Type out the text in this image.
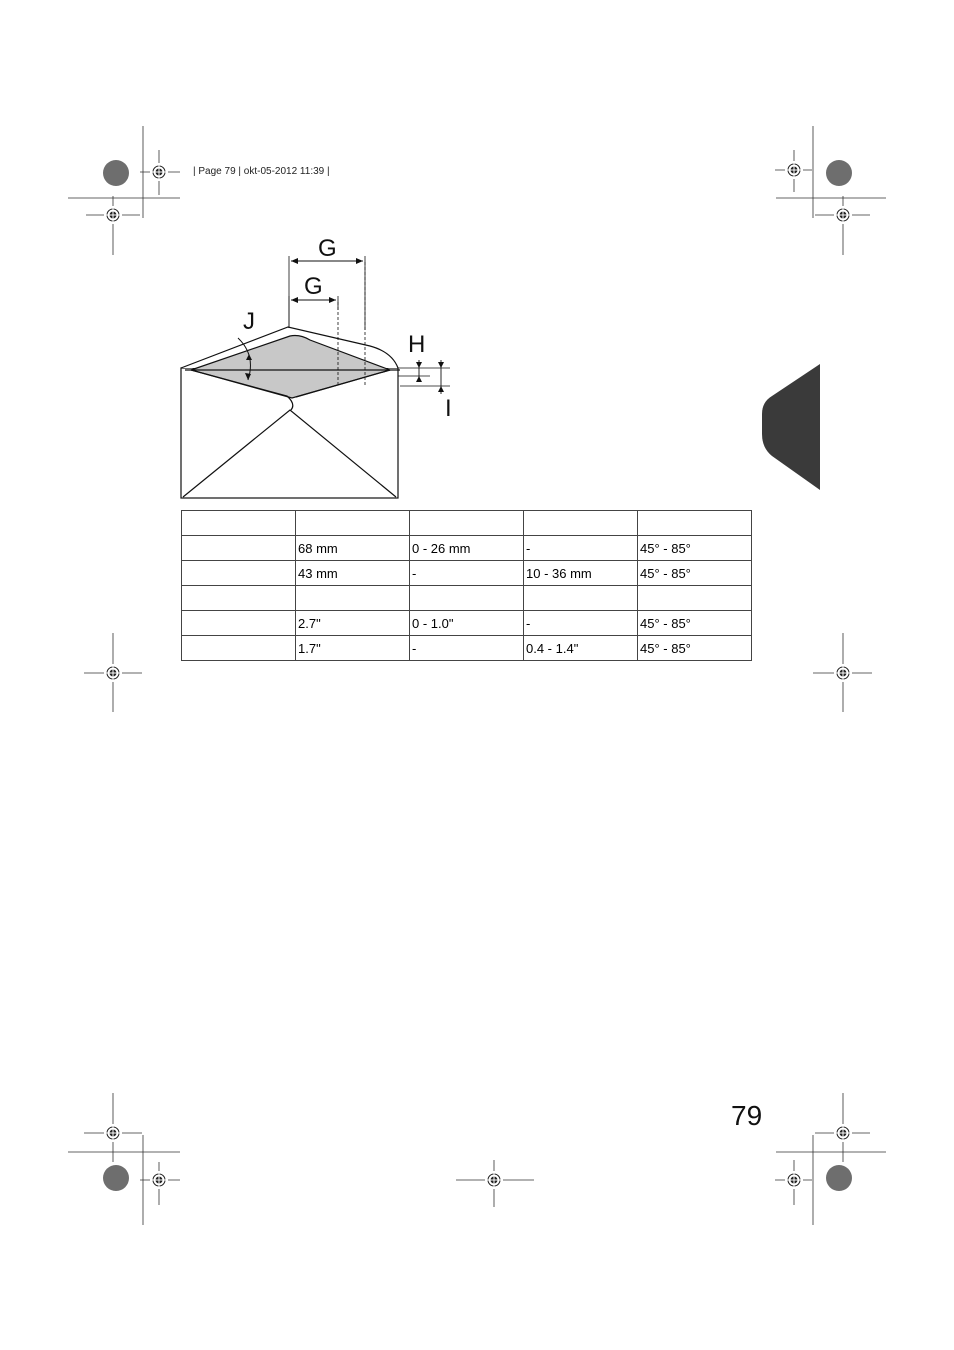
G
G
J
H
I
| Page 79 | okt-05-2012 11:39 |

	68 mm	0 - 26 mm	-	45° - 85°
	43 mm	-	10 - 36 mm	45° - 85°

	2.7"	0 - 1.0"	-	45° - 85°
	1.7"	-	0.4 - 1.4"	45° - 85°
79
